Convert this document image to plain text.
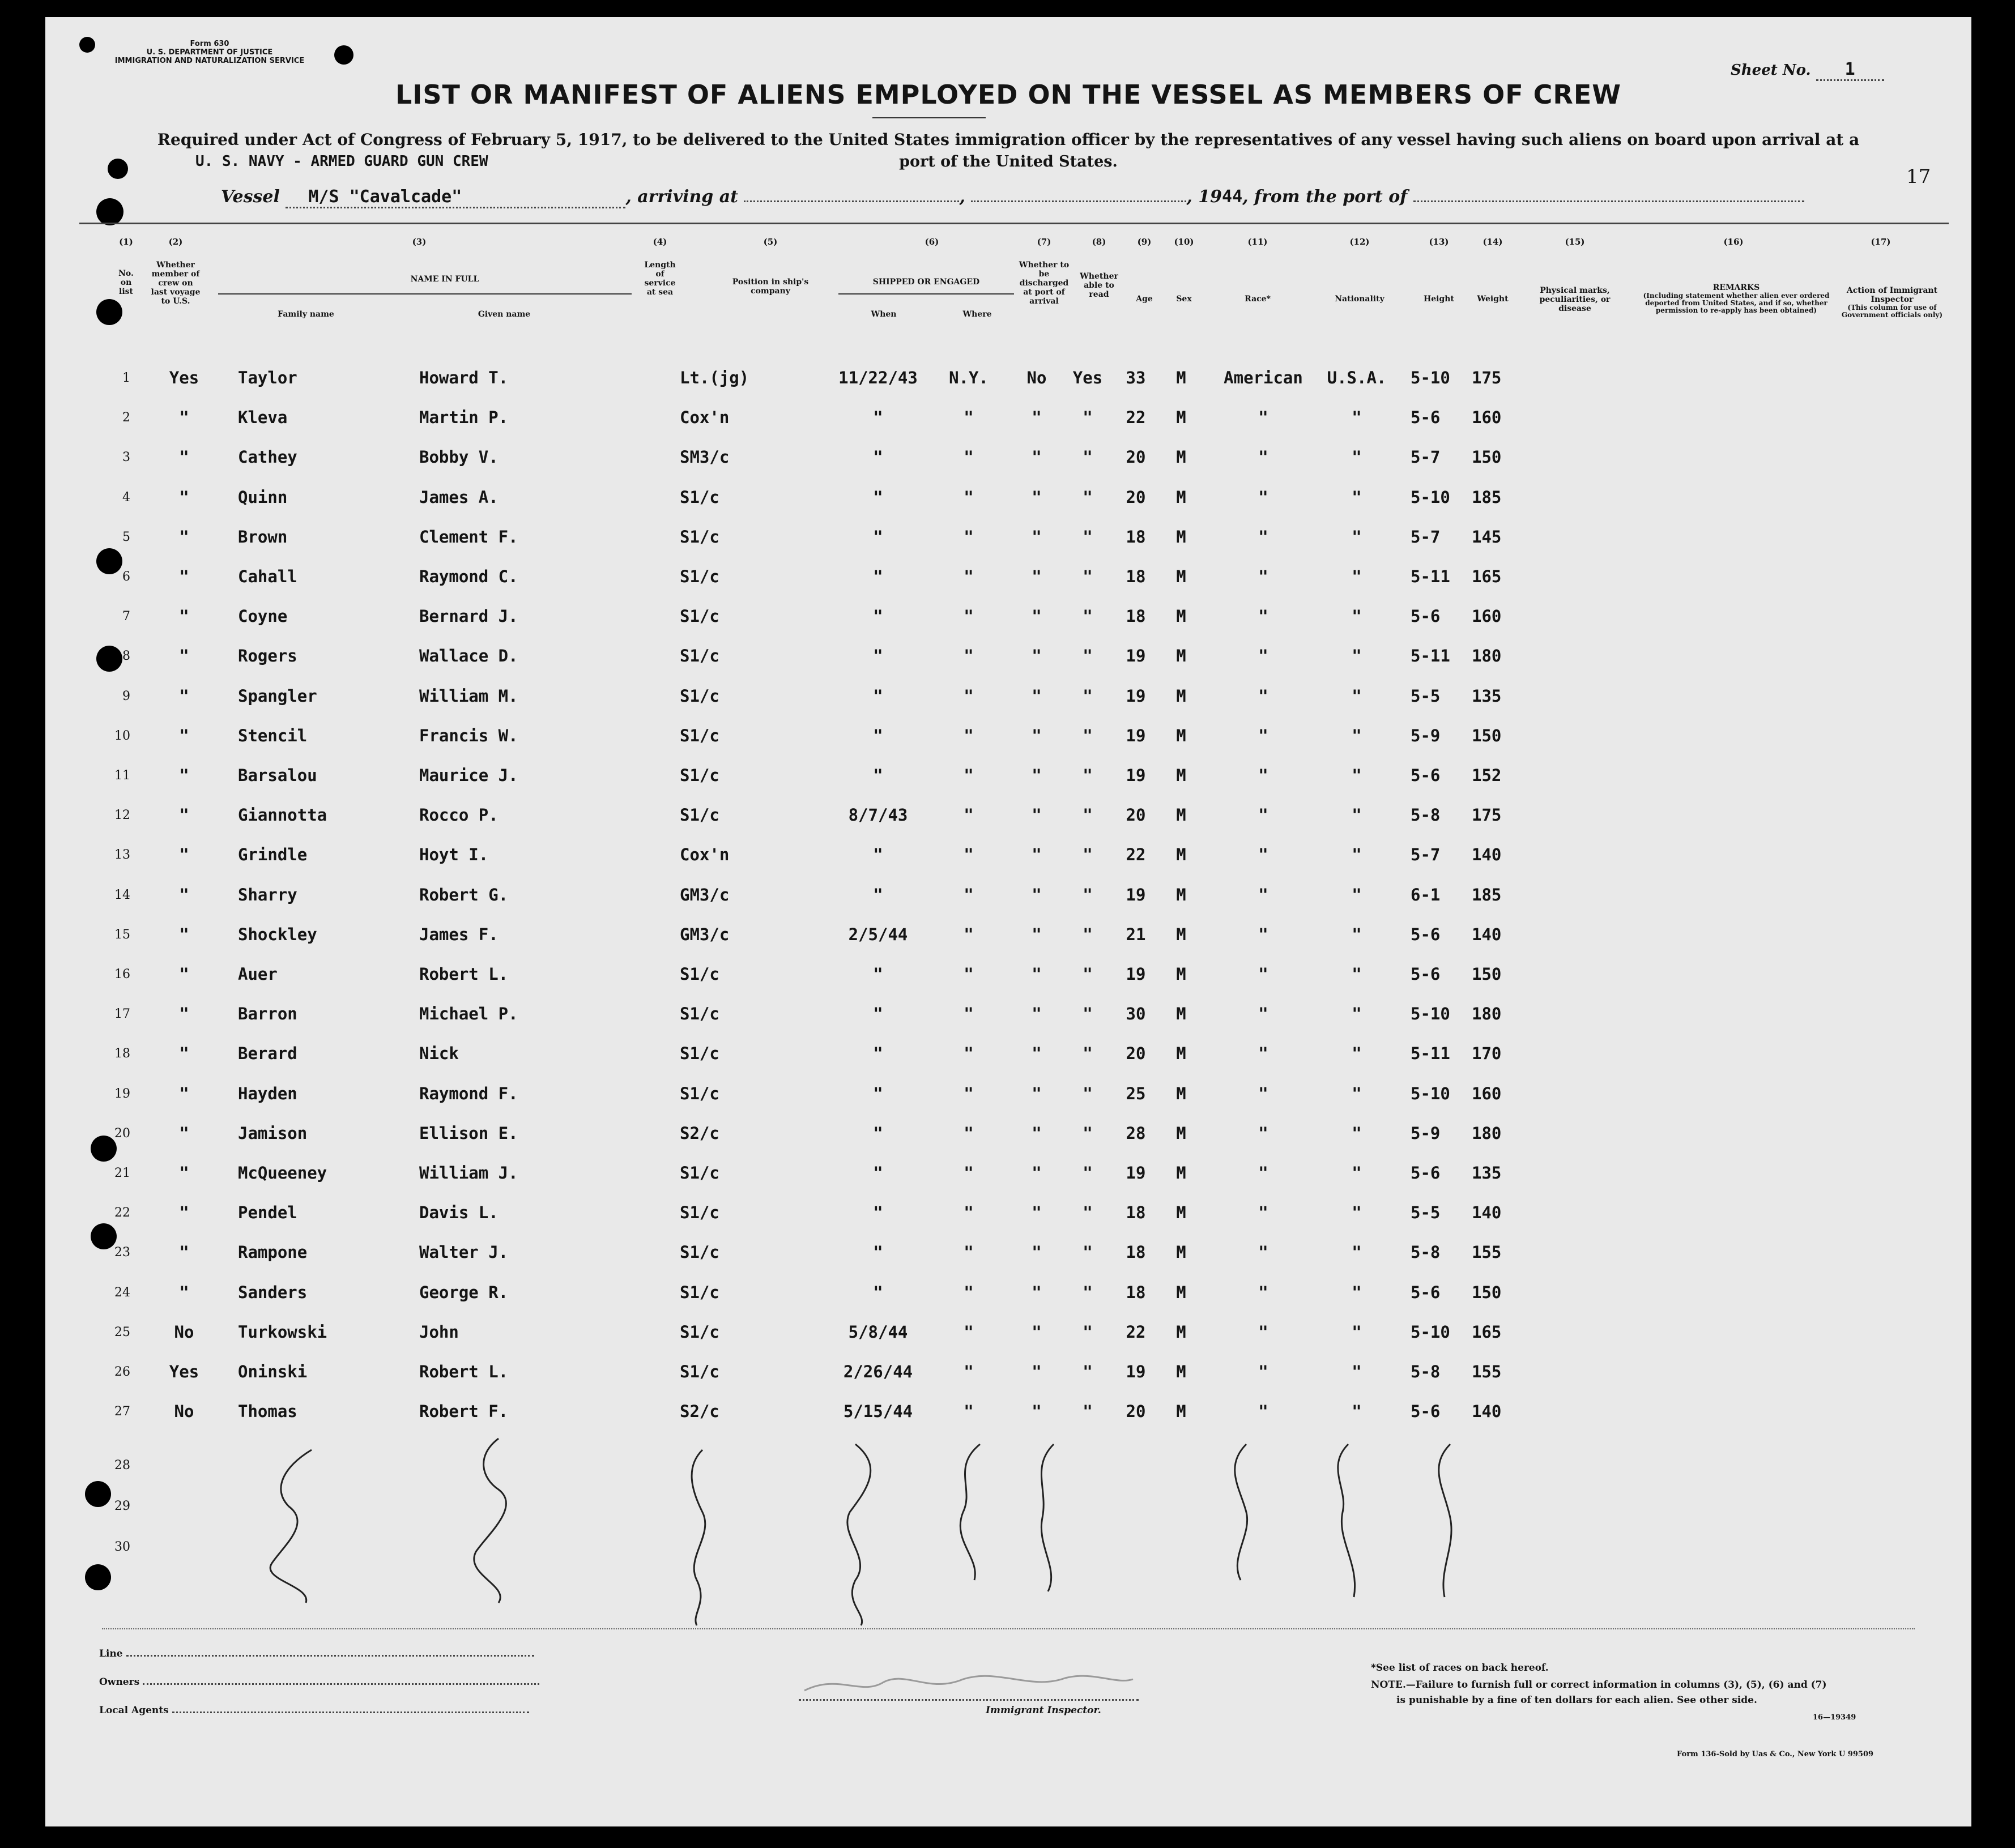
Form 630
U. S. DEPARTMENT OF JUSTICE
IMMIGRATION AND NATURALIZATION SERVICE
Sheet No. 1
LIST OR MANIFEST OF ALIENS EMPLOYED ON THE VESSEL AS MEMBERS OF CREW
Required under Act of Congress of February 5, 1917, to be delivered to the United States immigration officer by the representatives of any vessel having such aliens on board upon arrival at a
port of the United States.
U. S. NAVY - ARMED GUARD GUN CREW
17
Vessel M/S "Cavalcade"	, arriving at	,	, 1944, from the port of
(1)	(2)	(3)	(4)	(5)	(6)	(7)	(8)	(9)	(10)	(11)	(12)	(13)	(14)	(15)	(16)	(17)
No. on list
Whether member of crew on last voyage to U.S.
NAME IN FULL
Family name	Given name
Length of service at sea
Position in ship's company
SHIPPED OR ENGAGED
When	Where
Whether to be discharged at port of arrival
Whether able to read	Age	Sex	Race*	Nationality	Height	Weight
Physical marks, peculiarities, or disease
REMARKS
(Including statement whether alien ever ordered deported from United States, and if so, whether permission to re-apply has been obtained)
Action of Immigrant Inspector
(This column for use of Government officials only)
1	Yes	Taylor	Howard T.	Lt.(jg)	11/22/43	N.Y.	No	Yes	33	M	American	U.S.A.	5-10 175
2	"	Kleva	Martin P.	Cox'n	"	"	"	"	22	M	"	"	5-6 160
3	"	Cathey	Bobby V.	SM3/c	"	"	"	"	20	M	"	"	5-7 150
4	"	Quinn	James A.	S1/c	"	"	"	"	20	M	"	"	5-10 185
5	"	Brown	Clement F.	S1/c	"	"	"	"	18	M	"	"	5-7 145
6	"	Cahall	Raymond C.	S1/c	"	"	"	"	18	M	"	"	5-11 165
7	"	Coyne	Bernard J.	S1/c	"	"	"	"	18	M	"	"	5-6 160
8	"	Rogers	Wallace D.	S1/c	"	"	"	"	19	M	"	"	5-11 180
9	"	Spangler	William M.	S1/c	"	"	"	"	19	M	"	"	5-5 135
10	"	Stencil	Francis W.	S1/c	"	"	"	"	19	M	"	"	5-9 150
11	"	Barsalou	Maurice J.	S1/c	"	"	"	"	19	M	"	"	5-6 152
12	"	Giannotta	Rocco P.	S1/c	8/7/43	"	"	"	20	M	"	"	5-8 175
13	"	Grindle	Hoyt I.	Cox'n	"	"	"	"	22	M	"	"	5-7 140
14	"	Sharry	Robert G.	GM3/c	"	"	"	"	19	M	"	"	6-1 185
15	"	Shockley	James F.	GM3/c	2/5/44	"	"	"	21	M	"	"	5-6 140
16	"	Auer	Robert L.	S1/c	"	"	"	"	19	M	"	"	5-6 150
17	"	Barron	Michael P.	S1/c	"	"	"	"	30	M	"	"	5-10 180
18	"	Berard	Nick	S1/c	"	"	"	"	20	M	"	"	5-11 170
19	"	Hayden	Raymond F.	S1/c	"	"	"	"	25	M	"	"	5-10 160
20	"	Jamison	Ellison E.	S2/c	"	"	"	"	28	M	"	"	5-9 180
21	"	McQueeney	William J.	S1/c	"	"	"	"	19	M	"	"	5-6 135
22	"	Pendel	Davis L.	S1/c	"	"	"	"	18	M	"	"	5-5 140
23	"	Rampone	Walter J.	S1/c	"	"	"	"	18	M	"	"	5-8 155
24	"	Sanders	George R.	S1/c	"	"	"	"	18	M	"	"	5-6 150
25	No	Turkowski	John	S1/c	5/8/44	"	"	"	22	M	"	"	5-10 165
26	Yes	Oninski	Robert L.	S1/c	2/26/44	"	"	"	19	M	"	"	5-8 155
27	No	Thomas	Robert F.	S2/c	5/15/44	"	"	"	20	M	"	"	5-6 140
28
29
30
Line
Owners
Local Agents	Immigrant Inspector.
*See list of races on back hereof.
NOTE.—Failure to furnish full or correct information in columns (3), (5), (6) and (7)
is punishable by a fine of ten dollars for each alien. See other side.
16—19349
Form 136-Sold by Uas & Co., New York U 99509
